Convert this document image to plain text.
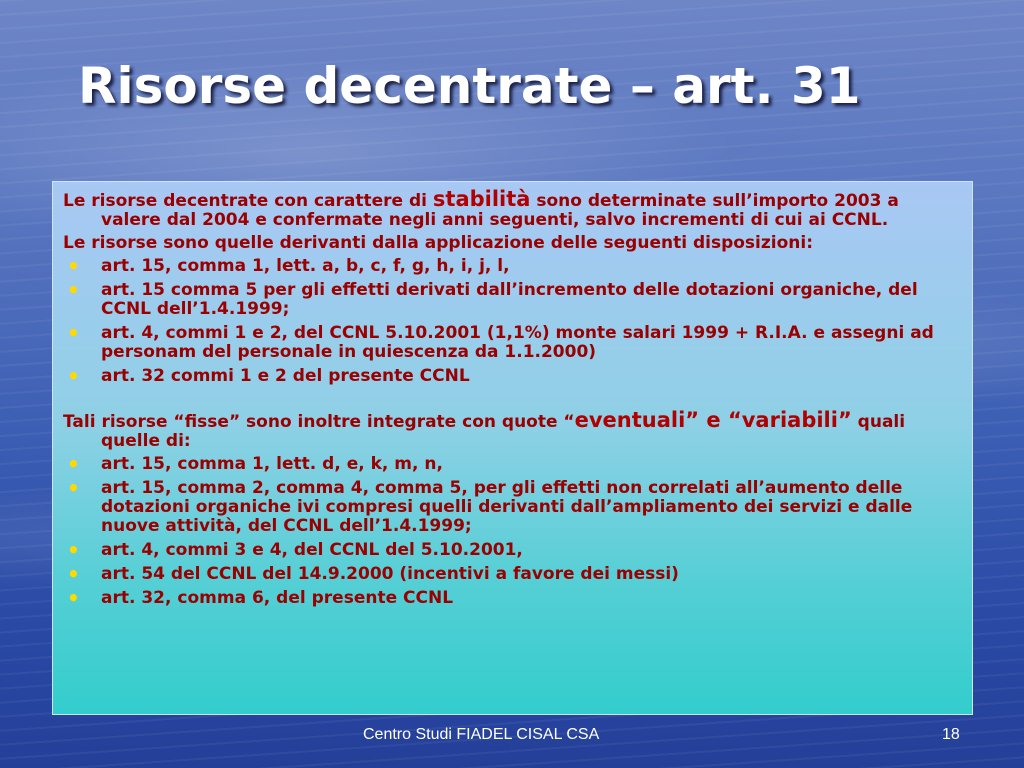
Risorse decentrate – art. 31

Le risorse decentrate con carattere di stabilità sono determinate sull’importo 2003 a valere dal 2004 e confermate negli anni seguenti, salvo incrementi di cui ai CCNL.

Le risorse sono quelle derivanti dalla applicazione delle seguenti disposizioni:

• art. 15, comma 1, lett. a, b, c, f, g, h, i, j, l,
• art. 15 comma 5 per gli effetti derivati dall’incremento delle dotazioni organiche, del CCNL dell’1.4.1999;
• art. 4, commi 1 e 2, del CCNL 5.10.2001 (1,1%) monte salari 1999 + R.I.A. e assegni ad personam del personale in quiescenza da 1.1.2000)
• art. 32 commi 1 e 2 del presente CCNL

Tali risorse “fisse” sono inoltre integrate con quote “eventuali” e “variabili” quali quelle di:

• art. 15, comma 1, lett. d, e, k, m, n,
• art. 15, comma 2, comma 4, comma 5, per gli effetti non correlati all’aumento delle dotazioni organiche ivi compresi quelli derivanti dall’ampliamento dei servizi e dalle nuove attività, del CCNL dell’1.4.1999;
• art. 4, commi 3 e 4, del CCNL del 5.10.2001,
• art. 54 del CCNL del 14.9.2000 (incentivi a favore dei messi)
• art. 32, comma 6, del presente CCNL
Centro Studi FIADEL CISAL CSA	18
